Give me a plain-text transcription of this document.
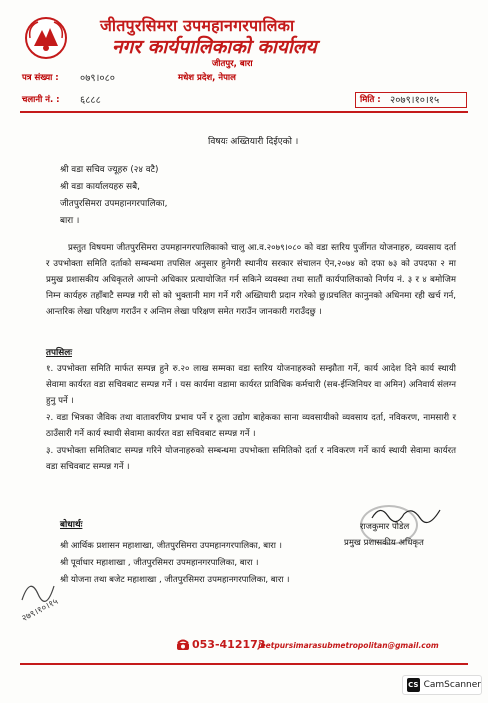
जीतपुरसिमरा उपमहानगरपालिका
नगर कार्यपालिकाको कार्यालय
जीतपुर, बारा
मधेश प्रदेश, नेपाल
पत्र संख्या : ०७९।०८०
चलानी नं. : ६८८८	मिति : २०७९।१०।१५
विषयः अख्तियारी दिईएको ।
श्री वडा सचिव ज्यूहरु (२४ वटै)
श्री वडा कार्यालयहरु सबै,
जीतपुरसिमरा उपमहानगरपालिका,
बारा ।
प्रस्तुत विषयमा जीतपुरसिमरा उपमहानगरपालिकाको चालु आ.व.२०७९।०८० को वडा स्तरिय पुर्जीगत योजनाहरु, व्यवसाय दर्ता र उपभोक्ता समिति दर्ताको सम्बन्धमा तपसिल अनुसार हुनेगरी स्थानीय सरकार संचालन ऐन,२०७४ को दफा ७३ को उपदफा २ मा प्रमुख प्रशासकीय अधिकृतले आफ्नो अधिकार प्रत्यायोजित गर्न सकिने व्यवस्था तथा सातौं कार्यपालिकाको निर्णय नं. ३ र ४ बमोजिम निम्न कार्यहरु तहाँबाटै सम्पन्न गरी सो को भुक्तानी माग गर्ने गरी अख्तियारी प्रदान गरेको छु।प्रचलित कानुनको अधिनमा रही खर्च गर्न, आन्तरिक लेखा परिक्षण गराउँन र अन्तिम लेखा परिक्षण समेत गराउँन जानकारी गराउँदछु ।
तपसिलः
१. उपभोक्ता समिति मार्फत सम्पन्न हुने रु.२० लाख सम्मका वडा स्तरिय योजनाहरुको सम्झौता गर्ने, कार्य आदेश दिने कार्य स्थायी सेवामा कार्यरत वडा सचिवबाट सम्पन्न गर्ने । यस कार्यमा वडामा कार्यरत प्राविधिक कर्मचारी (सब-ईन्जिनियर वा अमिन) अनिवार्य संलग्न हुनु पर्ने ।
२. वडा भित्रका जैविक तथा वातावरणिय प्रभाव पर्ने र ठूला उद्योग बाहेकका साना व्यवसायीको व्यवसाय दर्ता, नविकरण, नामसारी र ठाउँसारी गर्ने कार्य स्थायी सेवामा कार्यरत वडा सचिवबाट सम्पन्न गर्ने ।
३. उपभोक्ता समितिबाट सम्पन्न गरिने योजनाहरुको सम्बन्धमा उपभोक्ता समितिको दर्ता र नविकरण गर्ने कार्य स्थायी सेवामा कार्यरत वडा सचिवबाट सम्पन्न गर्ने ।
राजकुमार पौडेल
प्रमुख प्रशासकीय अधिकृत
बोधार्थः
श्री आर्थिक प्रशासन महाशाखा, जीतपुरसिमरा उपमहानगरपालिका, बारा ।
श्री पूर्वाधार महाशाखा , जीतपुरसिमरा उपमहानगरपालिका, बारा ।
श्री योजना तथा बजेट महाशाखा , जीतपुरसिमरा उपमहानगरपालिका, बारा ।
२७९।१०।१५
053-412173
jeetpursimarasubmetropolitan@gmail.com
CS CamScanner
